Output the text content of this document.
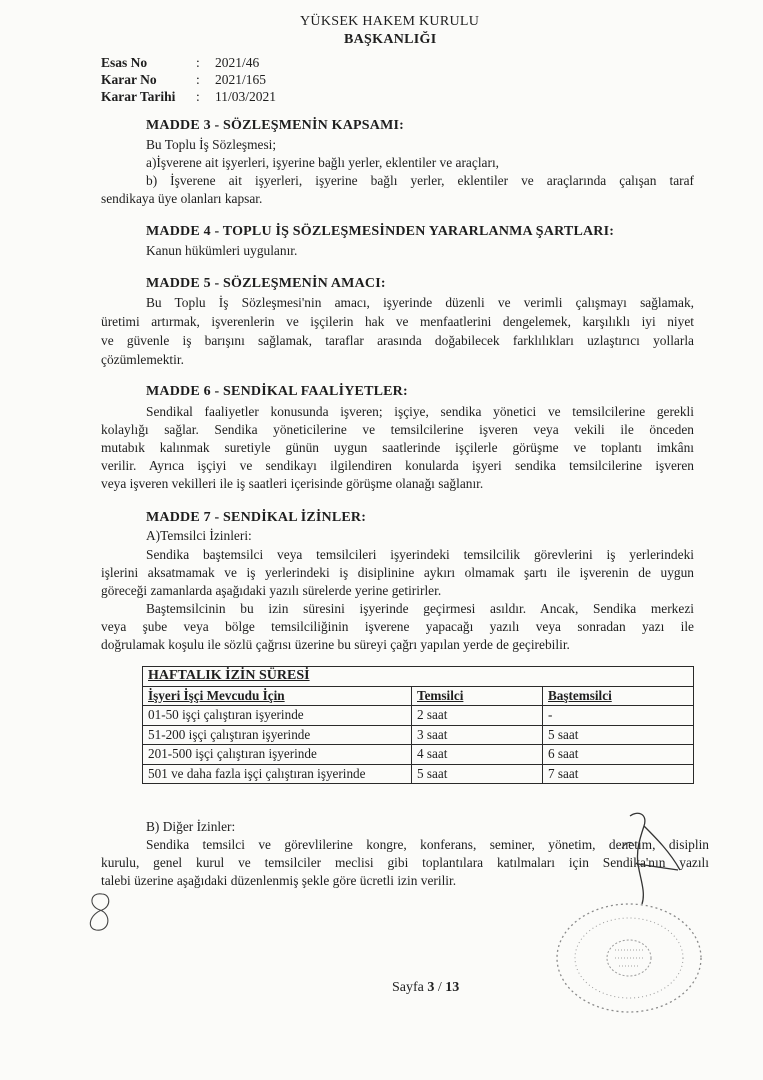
YÜKSEK HAKEM KURULU
BAŞKANLIĞI
Esas No	: 2021/46
Karar No	: 2021/165
Karar Tarihi : 11/03/2021
MADDE 3 - SÖZLEŞMENİN KAPSAMI:
Bu Toplu İş Sözleşmesi;
a)İşverene ait işyerleri, işyerine bağlı yerler, eklentiler ve araçları,
b) İşverene ait işyerleri, işyerine bağlı yerler, eklentiler ve araçlarında çalışan taraf
sendikaya üye olanları kapsar.
MADDE 4 - TOPLU İŞ SÖZLEŞMESİNDEN YARARLANMA ŞARTLARI:
Kanun hükümleri uygulanır.
MADDE 5 - SÖZLEŞMENİN AMACI:
Bu Toplu İş Sözleşmesi'nin amacı, işyerinde düzenli ve verimli çalışmayı sağlamak,
üretimi artırmak, işverenlerin ve işçilerin hak ve menfaatlerini dengelemek, karşılıklı iyi niyet
ve güvenle iş barışını sağlamak, taraflar arasında doğabilecek farklılıkları uzlaştırıcı yollarla
çözümlemektir.
MADDE 6 - SENDİKAL FAALİYETLER:
Sendikal faaliyetler konusunda işveren; işçiye, sendika yönetici ve temsilcilerine gerekli
kolaylığı sağlar. Sendika yöneticilerine ve temsilcilerine işveren veya vekili ile önceden
mutabık kalınmak suretiyle günün uygun saatlerinde işçilerle görüşme ve toplantı imkânı
verilir. Ayrıca işçiyi ve sendikayı ilgilendiren konularda işyeri sendika temsilcilerine işveren
veya işveren vekilleri ile iş saatleri içerisinde görüşme olanağı sağlanır.
MADDE 7 - SENDİKAL İZİNLER:
A)Temsilci İzinleri:
Sendika baştemsilci veya temsilcileri işyerindeki temsilcilik görevlerini iş yerlerindeki
işlerini aksatmamak ve iş yerlerindeki iş disiplinine aykırı olmamak şartı ile işverenin de uygun
göreceği zamanlarda aşağıdaki yazılı sürelerde yerine getirirler.
Baştemsilcinin bu izin süresini işyerinde geçirmesi asıldır. Ancak, Sendika merkezi
veya şube veya bölge temsilciliğinin işverene yapacağı yazılı veya sonradan yazı ile
doğrulamak koşulu ile sözlü çağrısı üzerine bu süreyi çağrı yapılan yerde de geçirebilir.
HAFTALIK İZİN SÜRESİ		
İşyeri İşçi Mevcudu İçin	Temsilci	Baştemsilci
01-50 işçi çalıştıran işyerinde	2 saat	-
51-200 işçi çalıştıran işyerinde	3 saat	5 saat
201-500 işçi çalıştıran işyerinde	4 saat	6 saat
501 ve daha fazla işçi çalıştıran işyerinde	5 saat	7 saat
B) Diğer İzinler:
Sendika temsilci ve görevlilerine kongre, konferans, seminer, yönetim, denetim, disiplin
kurulu, genel kurul ve temsilciler meclisi gibi toplantılara katılmaları için Sendika'nın yazılı
talebi üzerine aşağıdaki düzenlenmiş şekle göre ücretli izin verilir.
Sayfa 3 / 13
